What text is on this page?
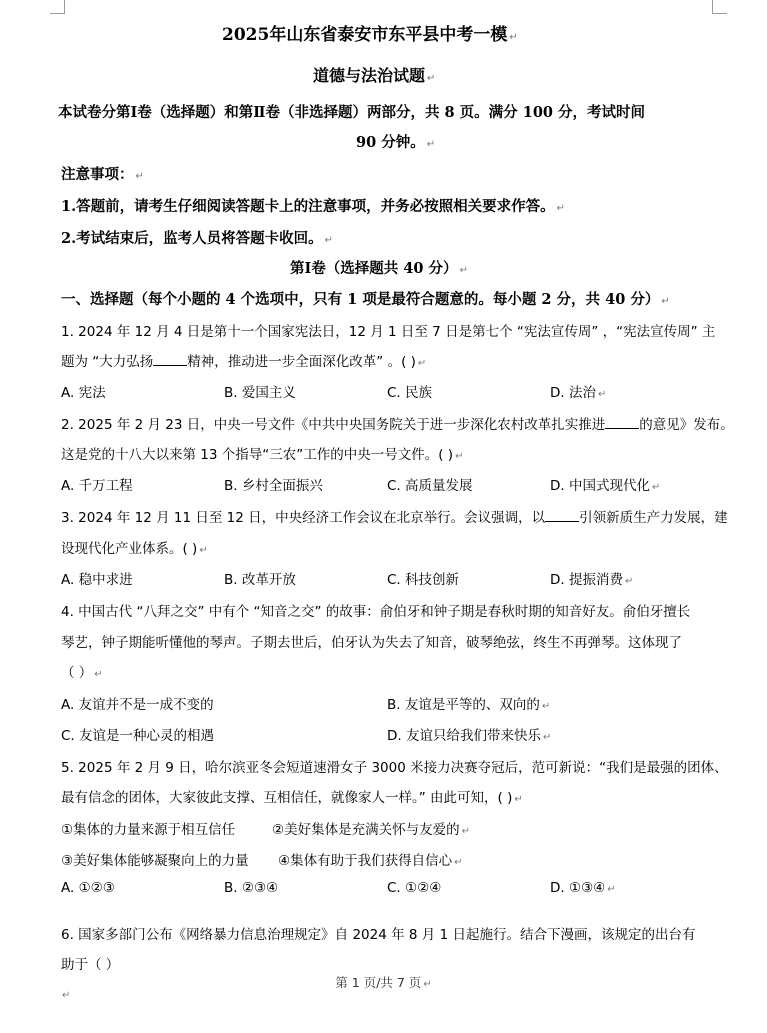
2025年山东省泰安市东平县中考一模 ↵
道德与法治试题 ↵
本试卷分第Ⅰ卷（选择题）和第Ⅱ卷（非选择题）两部分，共 8 页。满分 100 分，考试时间
90 分钟。 ↵
注意事项： ↵
1.答题前，请考生仔细阅读答题卡上的注意事项，并务必按照相关要求作答。 ↵
2.考试结束后，监考人员将答题卡收回。 ↵
第Ⅰ卷（选择题共 40 分） ↵
一、选择题（每个小题的 4 个选项中，只有 1 项是最符合题意的。每小题 2 分，共 40 分） ↵
1. 2024 年 12 月 4 日是第十一个国家宪法日，12 月 1 日至 7 日是第七个 “宪法宣传周” ，“宪法宣传周” 主
题为 “大力弘扬	精神，推动进一步全面深化改革” 。( ) ↵
A. 宪法	B. 爱国主义	C. 民族	D. 法治 ↵
2. 2025 年 2 月 23 日，中央一号文件《中共中央国务院关于进一步深化农村改革扎实推进	的意见》发布。
这是党的十八大以来第 13 个指导“三农”工作的中央一号文件。( ) ↵
A. 千万工程	B. 乡村全面振兴	C. 高质量发展	D. 中国式现代化 ↵
3. 2024 年 12 月 11 日至 12 日，中央经济工作会议在北京举行。会议强调，以	引领新质生产力发展，建
设现代化产业体系。( ) ↵
A. 稳中求进	B. 改革开放	C. 科技创新	D. 提振消费 ↵
4. 中国古代 “八拜之交” 中有个 “知音之交” 的故事：俞伯牙和钟子期是春秋时期的知音好友。俞伯牙擅长
琴艺，钟子期能听懂他的琴声。子期去世后，伯牙认为失去了知音，破琴绝弦，终生不再弹琴。这体现了
（ ） ↵
A. 友谊并不是一成不变的	B. 友谊是平等的、双向的 ↵
C. 友谊是一种心灵的相遇	D. 友谊只给我们带来快乐 ↵
5. 2025 年 2 月 9 日，哈尔滨亚冬会短道速滑女子 3000 米接力决赛夺冠后，范可新说：“我们是最强的团体、
最有信念的团体，大家彼此支撑、互相信任，就像家人一样。” 由此可知，( ) ↵
①集体的力量来源于相互信任	②美好集体是充满关怀与友爱的 ↵
③美好集体能够凝聚向上的力量 ④集体有助于我们获得自信心 ↵
A. ①②③	B. ②③④	C. ①②④	D. ①③④ ↵
6. 国家多部门公布《网络暴力信息治理规定》自 2024 年 8 月 1 日起施行。结合下漫画，该规定的出台有
助于（ ）
第 1 页/共 7 页 ↵
↵
